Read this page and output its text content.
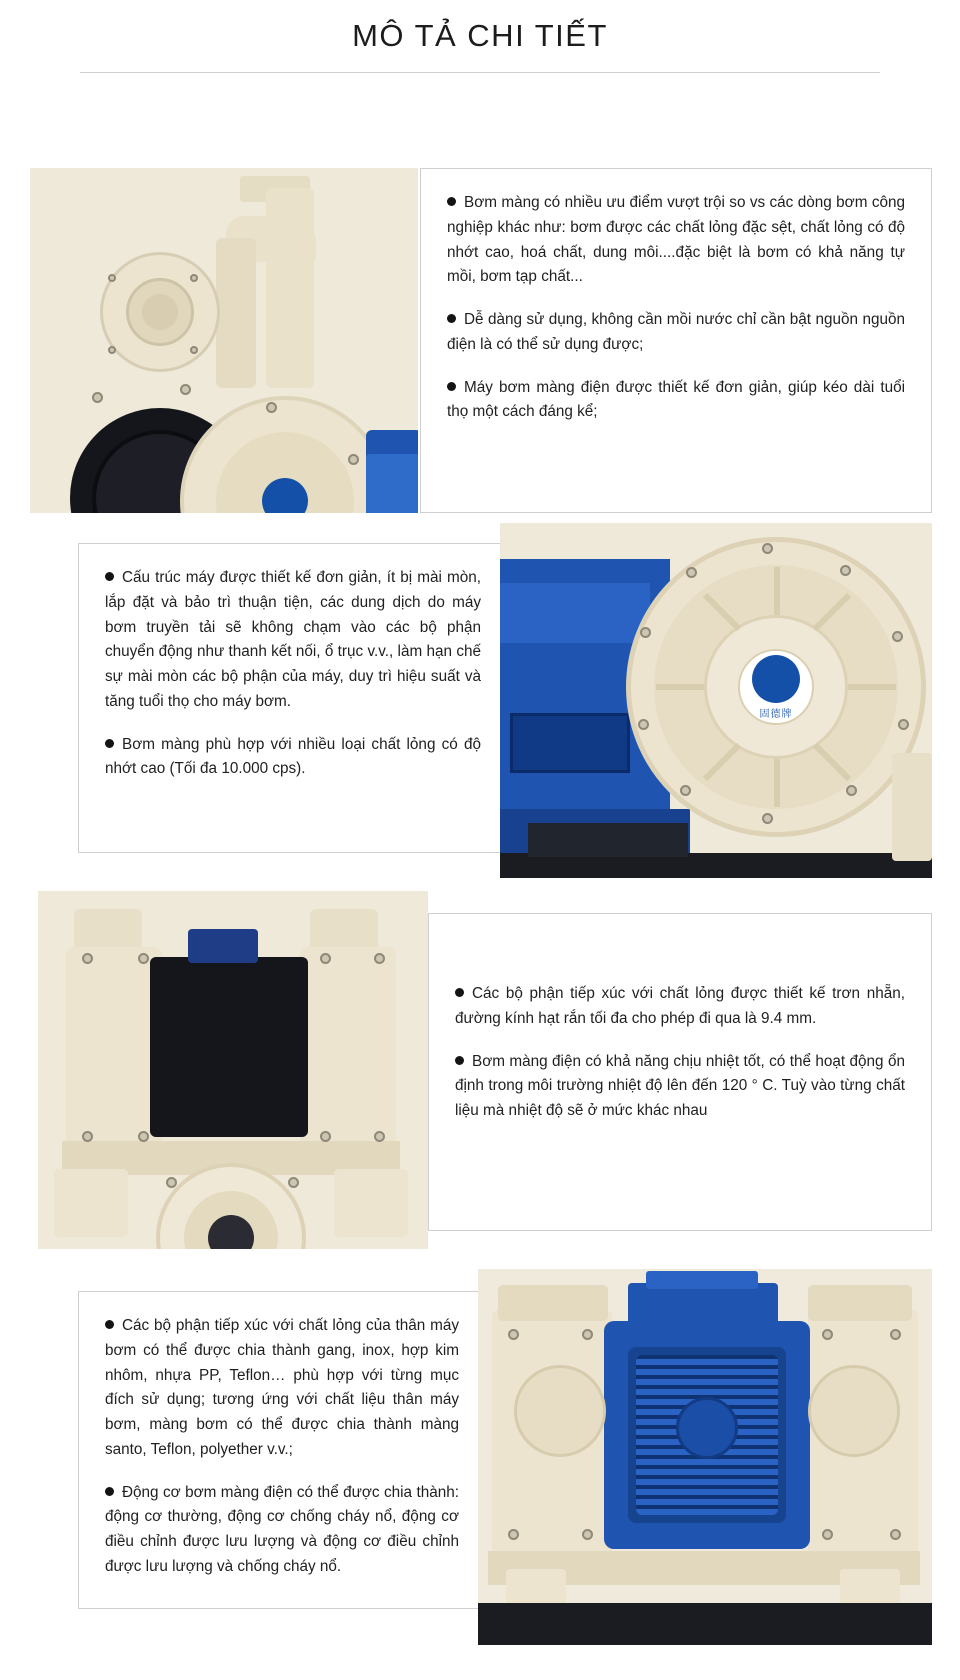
MÔ TẢ CHI TIẾT

Bơm màng có nhiều ưu điểm vượt trội so vs các dòng bơm công nghiệp khác như: bơm được các chất lỏng đặc sệt, chất lỏng có độ nhớt cao, hoá chất, dung môi....đặc biệt là bơm có khả năng tự mồi, bơm tạp chất...

Dễ dàng sử dụng, không cần mồi nước chỉ cần bật nguồn nguồn điện là có thể sử dụng được;

Máy bơm màng điện được thiết kế đơn giản, giúp kéo dài tuổi thọ một cách đáng kể;

Cấu trúc máy được thiết kế đơn giản, ít bị mài mòn, lắp đặt và bảo trì thuận tiện, các dung dịch do máy bơm truyền tải sẽ không chạm vào các bộ phận chuyển động như thanh kết nối, ổ trục v.v., làm hạn chế sự mài mòn các bộ phận của máy, duy trì hiệu suất và tăng tuổi thọ cho máy bơm.

Bơm màng phù hợp với nhiều loại chất lỏng có độ nhớt cao (Tối đa 10.000 cps).

固德牌

Các bộ phận tiếp xúc với chất lỏng được thiết kế trơn nhẵn, đường kính hạt rắn tối đa cho phép đi qua là 9.4 mm.

Bơm màng điện có khả năng chịu nhiệt tốt, có thể hoạt động ổn định trong môi trường nhiệt độ lên đến 120 ° C. Tuỳ vào từng chất liệu mà nhiệt độ sẽ ở mức khác nhau

Các bộ phận tiếp xúc với chất lỏng của thân máy bơm có thể được chia thành gang, inox, hợp kim nhôm, nhựa PP, Teflon… phù hợp với từng mục đích sử dụng; tương ứng với chất liệu thân máy bơm, màng bơm có thể được chia thành màng santo, Teflon, polyether v.v.;

Động cơ bơm màng điện có thể được chia thành: động cơ thường, động cơ chống cháy nổ, động cơ điều chỉnh được lưu lượng và động cơ điều chỉnh được lưu lượng và chống cháy nổ.
